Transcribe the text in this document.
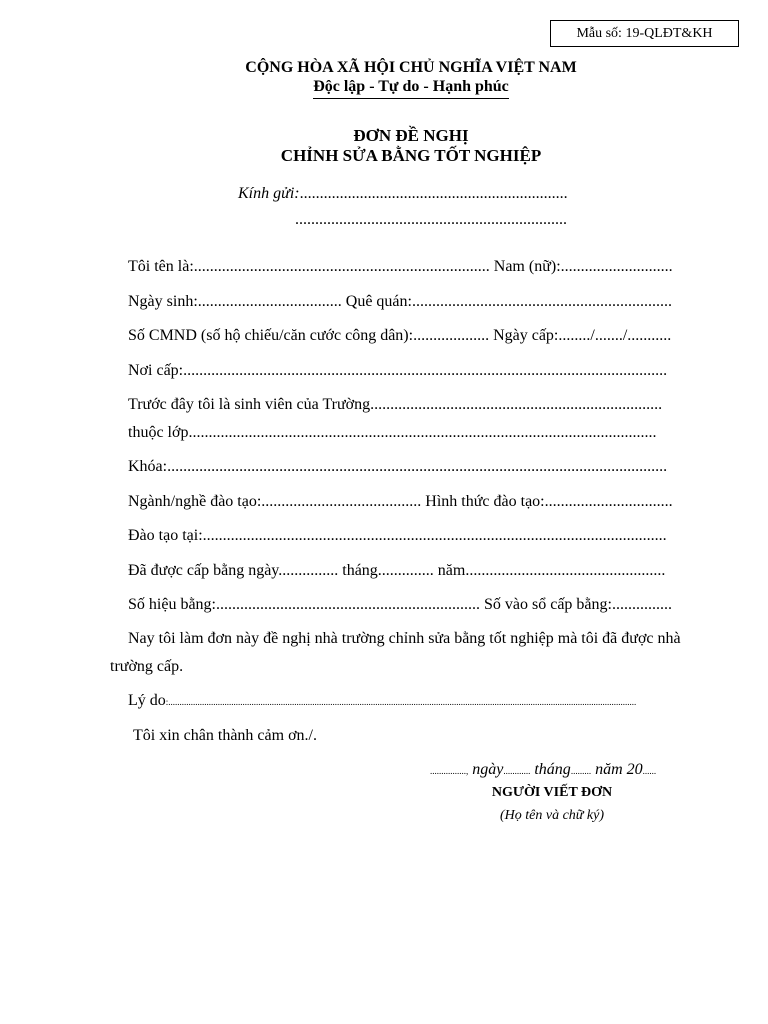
Mẫu số: 19-QLĐT&KH
CỘNG HÒA XÃ HỘI CHỦ NGHĨA VIỆT NAM
Độc lập - Tự do - Hạnh phúc
ĐƠN ĐỀ NGHỊ
CHỈNH SỬA BẰNG TỐT NGHIỆP
Kính gửi:...................................................................
....................................................................
Tôi tên là:.......................................................................... Nam (nữ):............................
Ngày sinh:.................................... Quê quán:.................................................................
Số CMND (số hộ chiếu/căn cước công dân):................... Ngày cấp:......../......./...........
Nơi cấp:.........................................................................................................................
Trước đây tôi là sinh viên của Trường.........................................................................
thuộc lớp.....................................................................................................................
Khóa:.............................................................................................................................
Ngành/nghề đào tạo:........................................ Hình thức đào tạo:................................
Đào tạo tại:....................................................................................................................
Đã được cấp bằng ngày............... tháng.............. năm..................................................
Số hiệu bằng:.................................................................. Số vào sổ cấp bằng:...............
Nay tôi làm đơn này đề nghị nhà trường chỉnh sửa bằng tốt nghiệp mà tôi đã được nhà trường cấp.
Lý do:................................................................................................................................................................................................................
Tôi xin chân thành cảm ơn./.
................, ngày............ tháng......... năm 20......
NGƯỜI VIẾT ĐƠN
(Họ tên và chữ ký)
